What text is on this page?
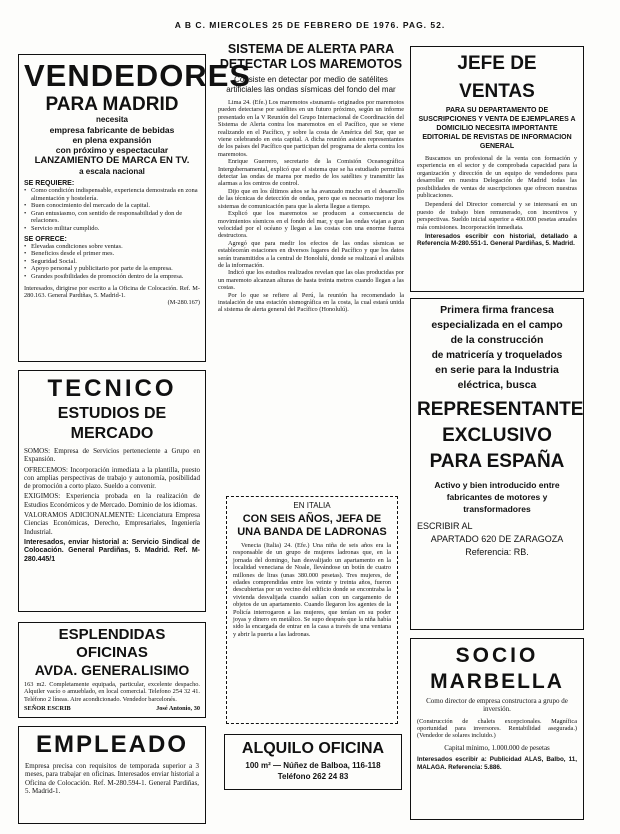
A B C. MIERCOLES 25 DE FEBRERO DE 1976. PAG. 52.
VENDEDORES
PARA MADRID
necesita
empresa fabricante de bebidas
en plena expansión
con próximo y espectacular
LANZAMIENTO DE MARCA EN TV.
a escala nacional
SE REQUIERE:
• Como condición indispensable, experiencia demostrada en zona alimentación y hostelería.
• Buen conocimiento del mercado de la capital.
• Gran entusiasmo, con sentido de responsabilidad y don de relaciones.
• Servicio militar cumplido.
SE OFRECE:
• Elevadas condiciones sobre ventas.
• Beneficios desde el primer mes.
• Seguridad Social.
• Apoyo personal y publicitario por parte de la empresa.
• Grandes posibilidades de promoción dentro de la empresa.
Interesados, dirigirse por escrito a la Oficina de Colocación. Ref. M-280.163. General Pardiñas, 5. Madrid-1.
(M-280.167)
TECNICO
ESTUDIOS DE MERCADO
SOMOS: Empresa de Servicios perteneciente a Grupo en Expansión.
OFRECEMOS: Incorporación inmediata a la plantilla, puesto con amplias perspectivas de trabajo y autonomía, posibilidad de promoción a corto plazo. Sueldo a convenir.
EXIGIMOS: Experiencia probada en la realización de Estudios Económicos y de Mercado. Dominio de los idiomas.
VALORAMOS ADICIONALMENTE: Licenciatura Empresa Ciencias Económicas, Derecho, Empresariales, Ingeniería Industrial.
Interesados, enviar historial a: Servicio Sindical de Colocación. General Pardiñas, 5. Madrid. Ref. M-280.445/1
ESPLENDIDAS OFICINAS
AVDA. GENERALISIMO
163 m2. Completamente equipada, particular, excelente despacho. Alquiler vacío o amueblado, en local comercial. Telefono 254 32 41. Teléfono 2 líneas. Aire acondicionado. Vendedor barcelonés.
SEÑOR ESCRIB	José Antonio, 30
EMPLEADO
Empresa precisa con requisitos de temporada superior a 3 meses, para trabajar en oficinas. Interesados enviar historial a Oficina de Colocación. Ref. M-280.594-1. General Pardiñas, 5. Madrid-1.
SISTEMA DE ALERTA PARA DETECTAR LOS MAREMOTOS
Consiste en detectar por medio de satélites artificiales las ondas sísmicas del fondo del mar
Lima 24. (Efe.) Los maremotos «tsunami» originados por maremotos pueden detectarse por satélites en un futuro próximo, según un informe presentado en la V Reunión del Grupo Internacional de Coordinación del Sistema de Alerta contra los maremotos en el Pacífico, que se viene realizando en el Pacífico, y sobre la costa de América del Sur, que se viene celebrando en esta capital. A dicha reunión asisten representantes de los países del Pacífico que participan del programa de alerta contra los maremotos.
Enrique Guerrero, secretario de la Comisión Oceanográfica Intergubernamental, explicó que el sistema que se ha estudiado permitirá detectar las ondas de marea por medio de los satélites y transmitir las alarmas a los centros de control.
Dijo que en los últimos años se ha avanzado mucho en el desarrollo de las técnicas de detección de ondas, pero que es necesario mejorar los sistemas de comunicación para que la alerta llegue a tiempo.
Explicó que los maremotos se producen a consecuencia de movimientos sísmicos en el fondo del mar, y que las ondas viajan a gran velocidad por el océano y llegan a las costas con una enorme fuerza destructora.
Agregó que para medir los efectos de las ondas sísmicas se establecerán estaciones en diversos lugares del Pacífico y que los datos serán transmitidos a la central de Honolulú, donde se realizará el análisis de la información.
Indicó que los estudios realizados revelan que las olas producidas por un maremoto alcanzan alturas de hasta treinta metros cuando llegan a las costas.
Por lo que se refiere al Perú, la reunión ha recomendado la instalación de una estación sismográfica en la costa, la cual estará unida al sistema de alerta general del Pacífico (Honolulú).
EN ITALIA
CON SEIS AÑOS, JEFA DE UNA BANDA DE LADRONAS
Venecia (Italia) 24. (Efe.) Una niña de seis años era la responsable de un grupo de mujeres ladronas que, en la jornada del domingo, han desvalijado un apartamento en la localidad veneciana de Noale, llevándose un botín de cuatro millones de liras (unas 380.000 pesetas). Tres mujeres, de edades comprendidas entre los veinte y treinta años, fueron descubiertas por un vecino del edificio donde se encontraba la vivienda desvalijada cuando salían con un cargamento de objetos de un apartamento. Cuando llegaron los agentes de la Policía interrogaron a las mujeres, que tenían en su poder joyas y dinero en metálico. Se supo después que la niña había sido la encargada de entrar en la casa a través de una ventana y abrir la puerta a las ladronas.
ALQUILO OFICINA
100 m² — Núñez de Balboa, 116-118
Teléfono 262 24 83
JEFE DE VENTAS
PARA SU DEPARTAMENTO DE SUSCRIPCIONES Y VENTA DE EJEMPLARES A DOMICILIO NECESITA IMPORTANTE EDITORIAL DE REVISTAS DE INFORMACION GENERAL
Buscamos un profesional de la venta con formación y experiencia en el sector y de comprobada capacidad para la organización y dirección de un equipo de vendedores para desarrollar en nuestra Delegación de Madrid todas las posibilidades de ventas de suscripciones que ofrecen nuestras publicaciones.
Dependerá del Director comercial y se interesará en un puesto de trabajo bien remunerado, con incentivos y perspectivas. Sueldo inicial superior a 400.000 pesetas anuales más comisiones. Incorporación inmediata.
Interesados escribir con historial, detallado a Referencia M-280.551-1. General Pardiñas, 5. Madrid.
Primera firma francesa
especializada en el campo
de la construcción
de matricería y troquelados
en serie para la Industria
eléctrica, busca
REPRESENTANTE
EXCLUSIVO
PARA ESPAÑA
Activo y bien introducido entre
fabricantes de motores y
transformadores
ESCRIBIR AL
APARTADO 620 DE ZARAGOZA
Referencia: RB.
SOCIO
MARBELLA
Como director de empresa constructora a grupo de inversión.
(Construcción de chalets excepcionales. Magnífica oportunidad para inversores. Rentabilidad asegurada.) (Vendedor de solares incluido.)
Capital mínimo, 1.000.000 de pesetas
Interesados escribir a: Publicidad ALAS, Balbo, 11, MALAGA. Referencia: 5.886.
